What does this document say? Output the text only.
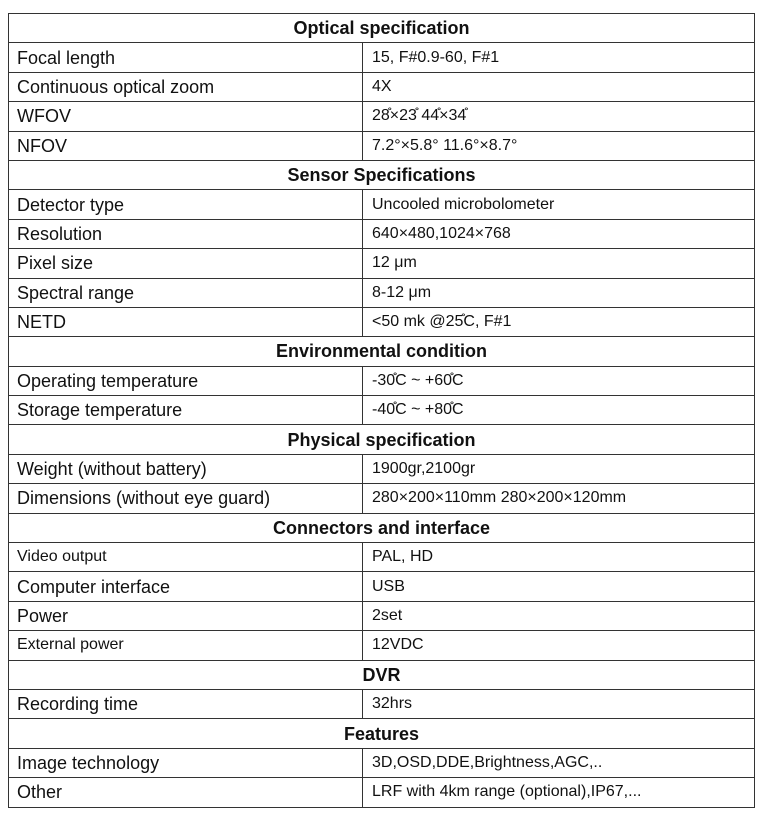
Optical specification	
Focal length	15, F#0.9-60, F#1
Continuous optical zoom	4X
WFOV	28̊×23̊ 44̊×34̊
NFOV	7.2°×5.8° 11.6°×8.7°
Sensor Specifications	
Detector type	Uncooled microbolometer
Resolution	640×480,1024×768
Pixel size	12 μm
Spectral range	8-12 μm
NETD	<50 mk @25̊C, F#1
Environmental condition	
Operating temperature	-30̊C ~ +60̊C
Storage temperature	-40̊C ~ +80̊C
Physical specification	
Weight (without battery)	1900gr,2100gr
Dimensions (without eye guard)	280×200×110mm 280×200×120mm
Connectors and interface	
Video output	PAL, HD
Computer interface	USB
Power	2set
External power	12VDC
DVR	
Recording time	32hrs
Features	
Image technology	3D,OSD,DDE,Brightness,AGC,..
Other	LRF with 4km range (optional),IP67,...
